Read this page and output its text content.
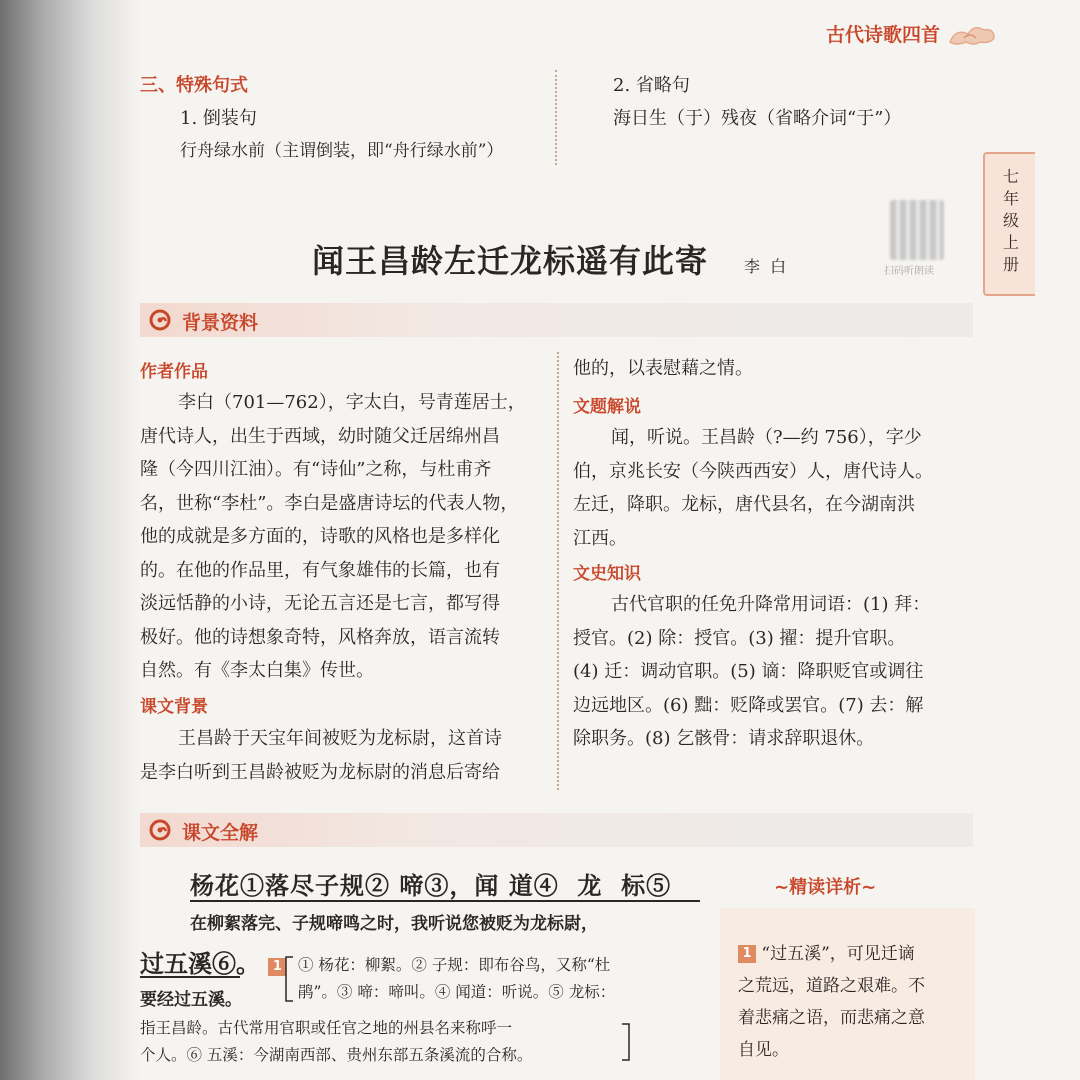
古代诗歌四首
三、特殊句式
1. 倒装句
行舟绿水前（主谓倒装，即“舟行绿水前”）
2. 省略句
海日生（于）残夜（省略介词“于”）
七
年
级
上
册
扫码听朗读
闻王昌龄左迁龙标遥有此寄 李  白
背景资料
作者作品
李白（701—762），字太白，号青莲居士，
唐代诗人，出生于西域，幼时随父迁居绵州昌
隆（今四川江油）。有“诗仙”之称，与杜甫齐
名，世称“李杜”。李白是盛唐诗坛的代表人物，
他的成就是多方面的，诗歌的风格也是多样化
的。在他的作品里，有气象雄伟的长篇，也有
淡远恬静的小诗，无论五言还是七言，都写得
极好。他的诗想象奇特，风格奔放，语言流转
自然。有《李太白集》传世。
课文背景
王昌龄于天宝年间被贬为龙标尉，这首诗
是李白听到王昌龄被贬为龙标尉的消息后寄给
他的，以表慰藉之情。
文题解说
闻，听说。王昌龄（?—约 756），字少
伯，京兆长安（今陕西西安）人，唐代诗人。
左迁，降职。龙标，唐代县名，在今湖南洪
江西。
文史知识
古代官职的任免升降常用词语：(1) 拜：
授官。(2) 除：授官。(3) 擢：提升官职。
(4) 迁：调动官职。(5) 谪：降职贬官或调往
边远地区。(6) 黜：贬降或罢官。(7) 去：解
除职务。(8) 乞骸骨：请求辞职退休。
课文全解
杨花①落尽子规② 啼③，闻 道④  龙  标⑤
在柳絮落完、子规啼鸣之时，我听说您被贬为龙标尉，
过五溪⑥。 1
要经过五溪。
① 杨花：柳絮。② 子规：即布谷鸟，又称“杜
鹃”。③ 啼：啼叫。④ 闻道：听说。⑤ 龙标：
指王昌龄。古代常用官职或任官之地的州县名来称呼一
个人。⑥ 五溪：今湖南西部、贵州东部五条溪流的合称。
∼精读详析∼
1 “过五溪”，可见迁谪
之荒远，道路之艰难。不
着悲痛之语，而悲痛之意
自见。
